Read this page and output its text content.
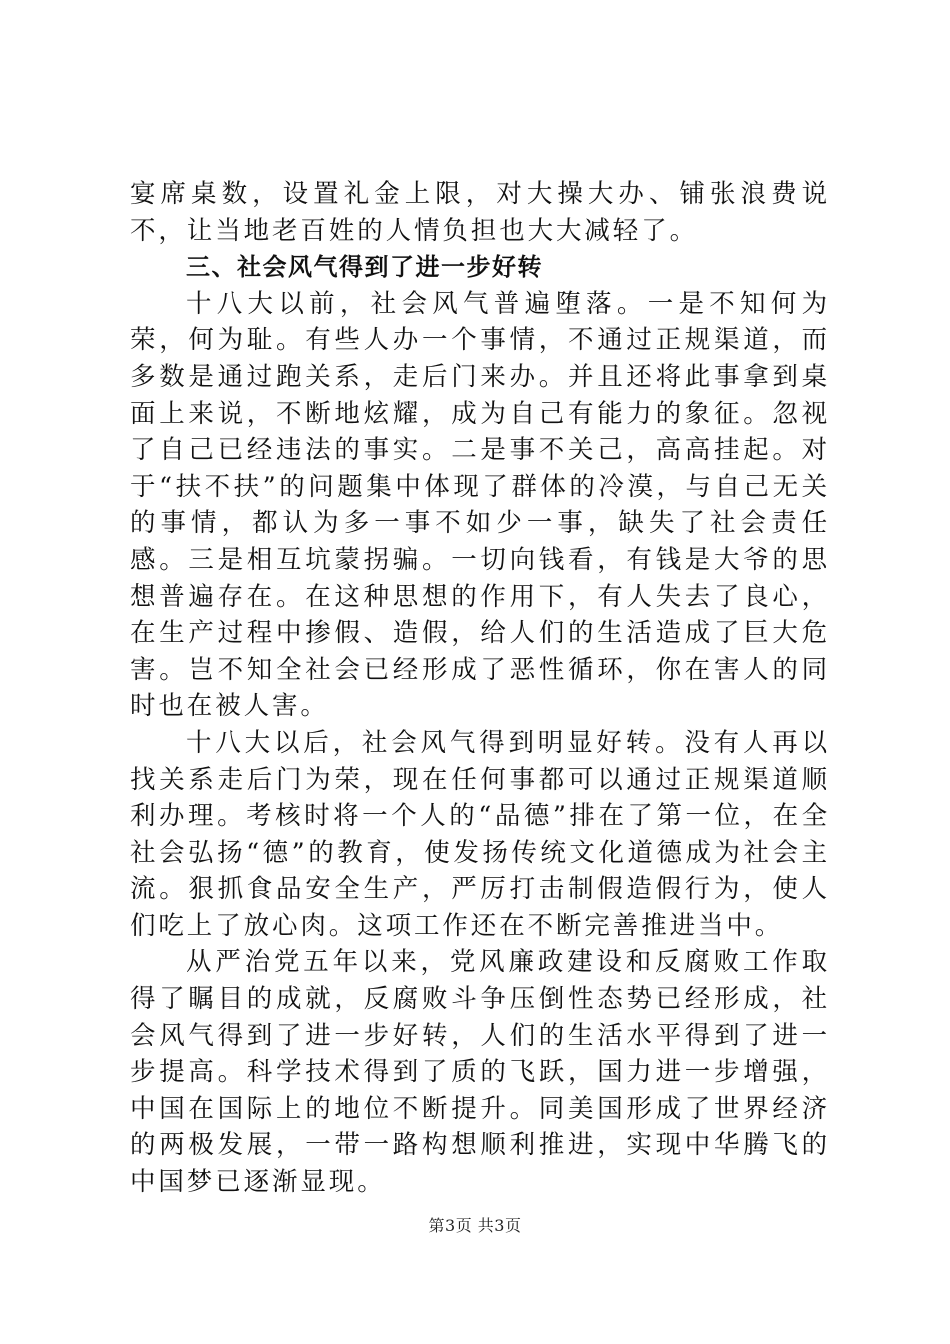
宴席桌数，设置礼金上限，对大操大办、铺张浪费说不，让当地老百姓的人情负担也大大减轻了。

三、社会风气得到了进一步好转

十八大以前，社会风气普遍堕落。一是不知何为荣，何为耻。有些人办一个事情，不通过正规渠道，而多数是通过跑关系，走后门来办。并且还将此事拿到桌面上来说，不断地炫耀，成为自己有能力的象征。忽视了自己已经违法的事实。二是事不关己，高高挂起。对于“扶不扶”的问题集中体现了群体的冷漠，与自己无关的事情，都认为多一事不如少一事，缺失了社会责任感。三是相互坑蒙拐骗。一切向钱看，有钱是大爷的思想普遍存在。在这种思想的作用下，有人失去了良心，在生产过程中掺假、造假，给人们的生活造成了巨大危害。岂不知全社会已经形成了恶性循环，你在害人的同时也在被人害。

十八大以后，社会风气得到明显好转。没有人再以找关系走后门为荣，现在任何事都可以通过正规渠道顺利办理。考核时将一个人的“品德”排在了第一位，在全社会弘扬“德”的教育，使发扬传统文化道德成为社会主流。狠抓食品安全生产，严厉打击制假造假行为，使人们吃上了放心肉。这项工作还在不断完善推进当中。

从严治党五年以来，党风廉政建设和反腐败工作取得了瞩目的成就，反腐败斗争压倒性态势已经形成，社会风气得到了进一步好转，人们的生活水平得到了进一步提高。科学技术得到了质的飞跃，国力进一步增强，中国在国际上的地位不断提升。同美国形成了世界经济的两极发展，一带一路构想顺利推进，实现中华腾飞的中国梦已逐渐显现。

第3页 共3页
